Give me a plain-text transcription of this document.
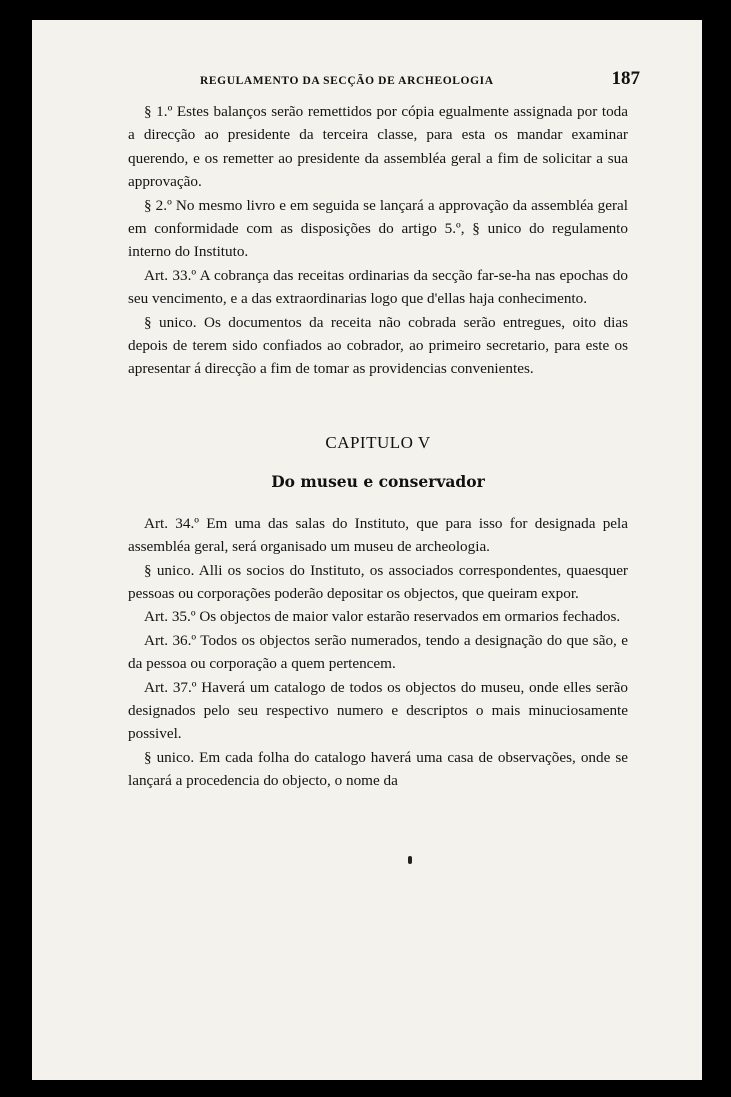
REGULAMENTO DA SECÇÃO DE ARCHEOLOGIA	187

§ 1.º Estes balanços serão remettidos por cópia egualmente assignada por toda a direcção ao presidente da terceira classe, para esta os mandar examinar querendo, e os remetter ao presidente da assembléa geral a fim de solicitar a sua approvação.

§ 2.º No mesmo livro e em seguida se lançará a approvação da assembléa geral em conformidade com as disposições do artigo 5.º, § unico do regulamento interno do Instituto.

Art. 33.º A cobrança das receitas ordinarias da secção far-se-ha nas epochas do seu vencimento, e a das extraordinarias logo que d'ellas haja conhecimento.

§ unico. Os documentos da receita não cobrada serão entregues, oito dias depois de terem sido confiados ao cobrador, ao primeiro secretario, para este os apresentar á direcção a fim de tomar as providencias convenientes.

CAPITULO V
Do museu e conservador

Art. 34.º Em uma das salas do Instituto, que para isso for designada pela assembléa geral, será organisado um museu de archeologia.

§ unico. Alli os socios do Instituto, os associados correspondentes, quaesquer pessoas ou corporações poderão depositar os objectos, que queiram expor.

Art. 35.º Os objectos de maior valor estarão reservados em ormarios fechados.

Art. 36.º Todos os objectos serão numerados, tendo a designação do que são, e da pessoa ou corporação a quem pertencem.

Art. 37.º Haverá um catalogo de todos os objectos do museu, onde elles serão designados pelo seu respectivo numero e descriptos o mais minuciosamente possivel.

§ unico. Em cada folha do catalogo haverá uma casa de observações, onde se lançará a procedencia do objecto, o nome da
